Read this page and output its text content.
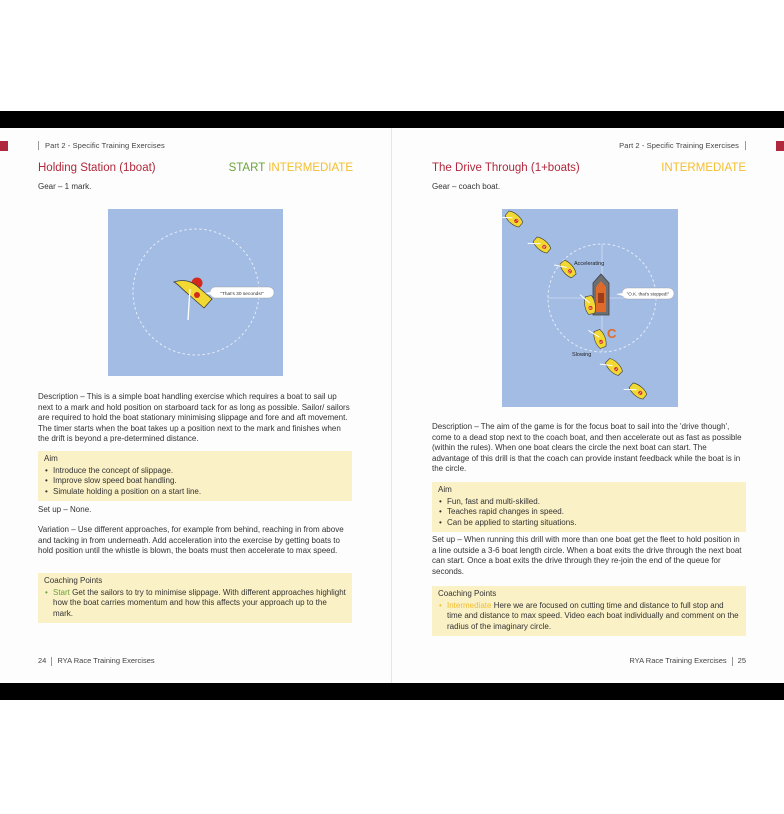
Part 2 - Specific Training Exercises
Holding Station (1boat)	START INTERMEDIATE
Gear – 1 mark.
"That's 30 seconds!"
Description – This is a simple boat handling exercise which requires a boat to sail up next to a mark and hold position on starboard tack for as long as possible. Sailor/ sailors are required to hold the boat stationary minimising slippage and fore and aft movement. The timer starts when the boat takes up a position next to the mark and finishes when the drift is beyond a pre-determined distance.
Aim
• Introduce the concept of slippage.
• Improve slow speed boat handling.
• Simulate holding a position on a start line.
Set up – None.
Variation – Use different approaches, for example from behind, reaching in from above and tacking in from underneath. Add acceleration into the exercise by getting boats to hold position until the whistle is blown, the boats must then accelerate to max speed.
Coaching Points
• Start Get the sailors to try to minimise slippage. With different approaches highlight how the boat carries momentum and how this affects your approach up to the mark.
24 RYA Race Training Exercises
Part 2 - Specific Training Exercises
The Drive Through (1+boats)	INTERMEDIATE
Gear – coach boat.
C
"O.K. that's stopped!"
Accelerating
Slowing
7
6
5
4
3
2
1
Description – The aim of the game is for the focus boat to sail into the 'drive though', come to a dead stop next to the coach boat, and then accelerate out as fast as possible (within the rules). When one boat clears the circle the next boat can start. The advantage of this drill is that the coach can provide instant feedback while the boat is in the circle.
Aim
• Fun, fast and multi-skilled.
• Teaches rapid changes in speed.
• Can be applied to starting situations.
Set up – When running this drill with more than one boat get the fleet to hold position in a line outside a 3-6 boat length circle. When a boat exits the drive through the next boat can start. Once a boat exits the drive through they re-join the end of the queue for seconds.
Coaching Points
• Intermediate Here we are focused on cutting time and distance to full stop and time and distance to max speed. Video each boat individually and comment on the radius of the imaginary circle.
RYA Race Training Exercises 25
